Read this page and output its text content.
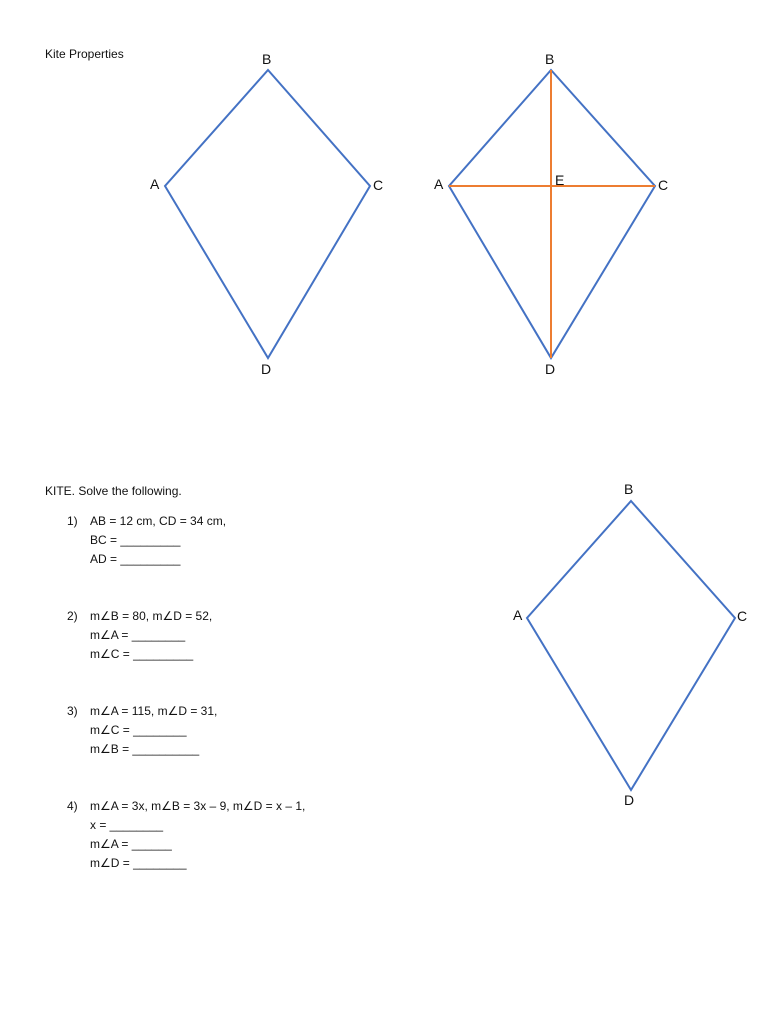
Kite Properties	B
A	C
D
B
A	C
D
E
B
A	C
D
KITE. Solve the following.
1)	AB = 12 cm, CD = 34 cm,
BC = _________
AD = _________
2)	m∠B = 80, m∠D = 52,
m∠A = ________
m∠C = _________
3)	m∠A = 115, m∠D = 31,
m∠C = ________
m∠B = __________
4)	m∠A = 3x, m∠B = 3x – 9, m∠D = x – 1,
x = ________
m∠A = ______
m∠D = ________
